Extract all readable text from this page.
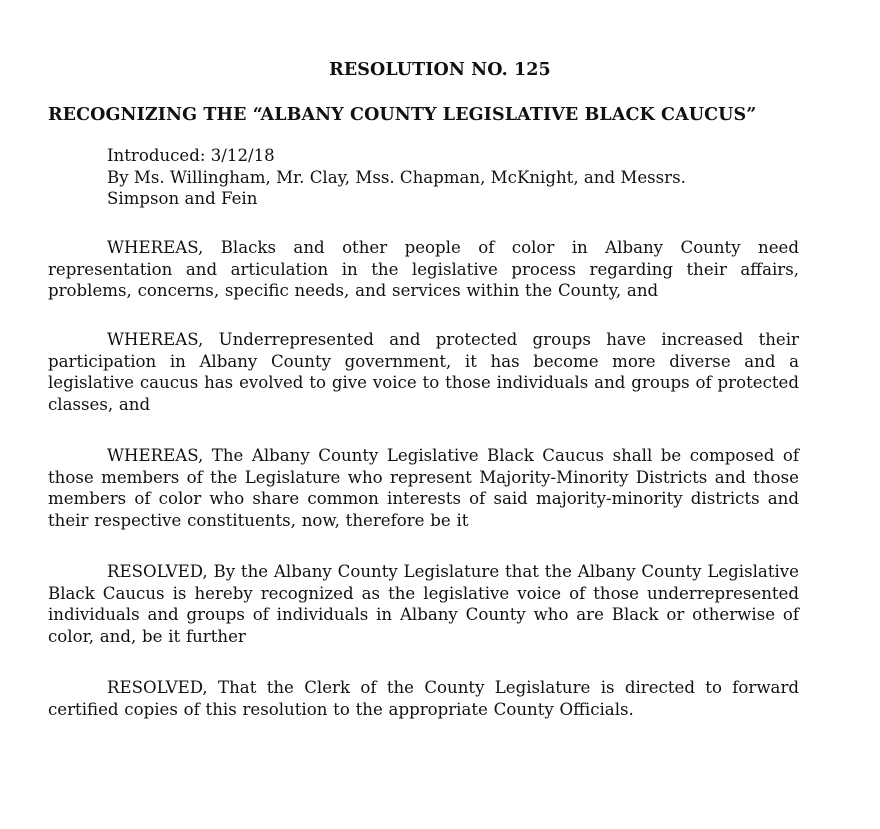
RESOLUTION NO. 125
RECOGNIZING THE “ALBANY COUNTY LEGISLATIVE BLACK CAUCUS”
Introduced: 3/12/18
By Ms. Willingham, Mr. Clay, Mss. Chapman, McKnight, and Messrs.
Simpson and Fein
WHEREAS, Blacks and other people of color in Albany County need representation and articulation in the legislative process regarding their affairs, problems, concerns, specific needs, and services within the County, and
WHEREAS, Underrepresented and protected groups have increased their participation in Albany County government, it has become more diverse and a legislative caucus has evolved to give voice to those individuals and groups of protected classes, and
WHEREAS, The Albany County Legislative Black Caucus shall be composed of those members of the Legislature who represent Majority-Minority Districts and those members of color who share common interests of said majority-minority districts and their respective constituents, now, therefore be it
RESOLVED, By the Albany County Legislature that the Albany County Legislative Black Caucus is hereby recognized as the legislative voice of those underrepresented individuals and groups of individuals in Albany County who are Black or otherwise of color, and, be it further
RESOLVED, That the Clerk of the County Legislature is directed to forward certified copies of this resolution to the appropriate County Officials.
